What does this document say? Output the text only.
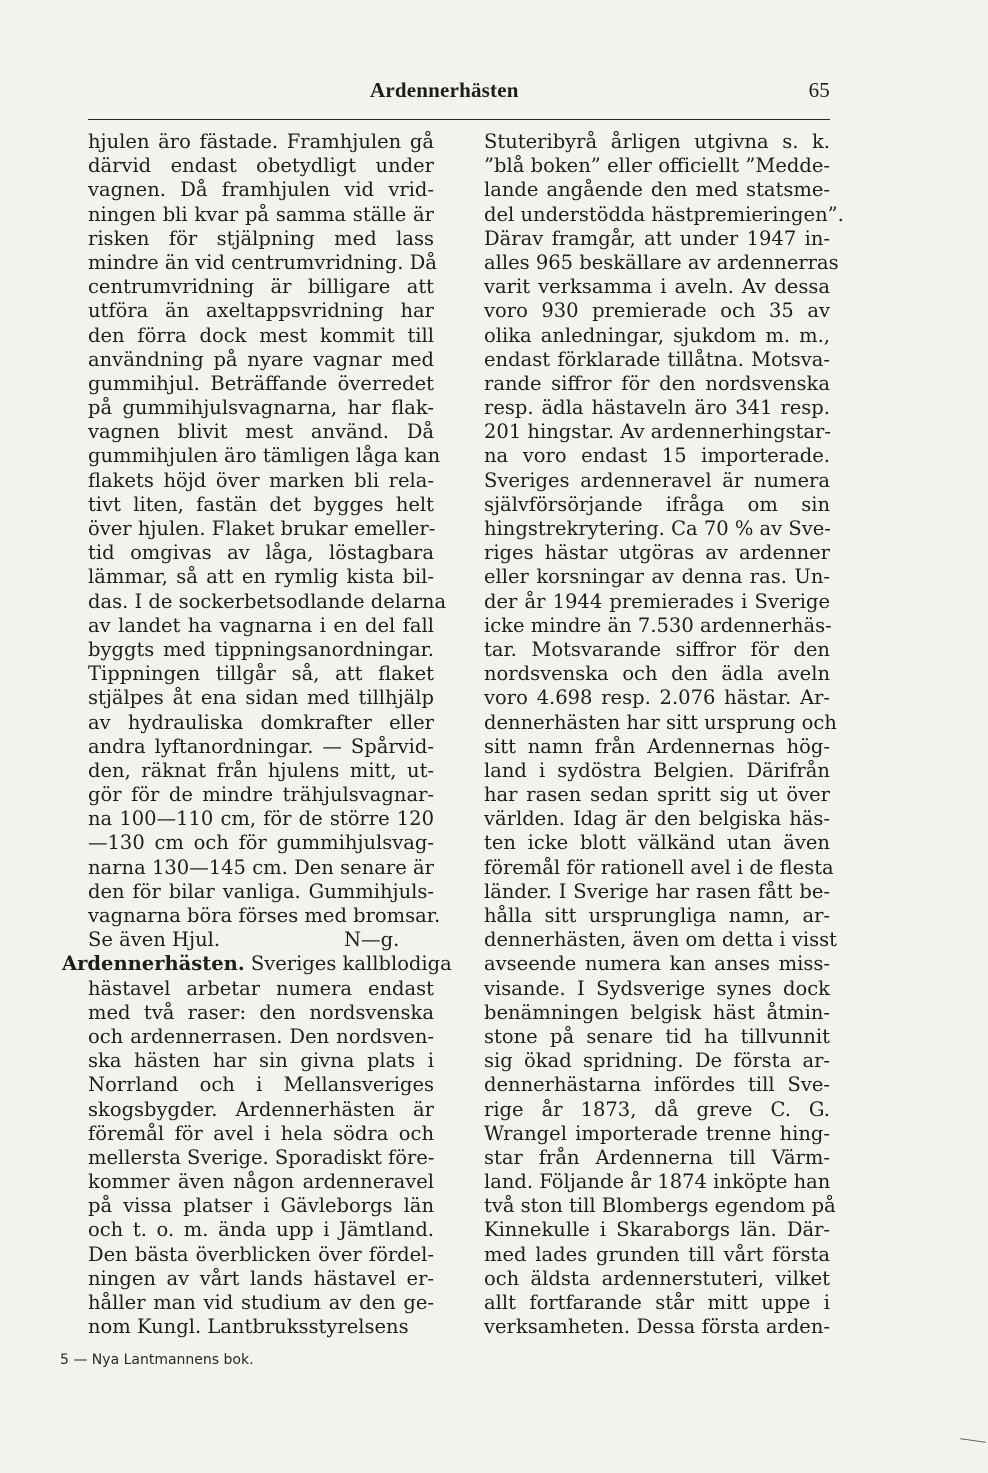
Ardennerhästen	65
hjulen äro fästade. Framhjulen gå
därvid endast obetydligt under
vagnen. Då framhjulen vid vrid-
ningen bli kvar på samma ställe är
risken för stjälpning med lass
mindre än vid centrumvridning. Då
centrumvridning är billigare att
utföra än axeltappsvridning har
den förra dock mest kommit till
användning på nyare vagnar med
gummihjul. Beträffande överredet
på gummihjulsvagnarna, har flak-
vagnen blivit mest använd. Då
gummihjulen äro tämligen låga kan
flakets höjd över marken bli rela-
tivt liten, fastän det bygges helt
över hjulen. Flaket brukar emeller-
tid omgivas av låga, löstagbara
lämmar, så att en rymlig kista bil-
das. I de sockerbetsodlande delarna
av landet ha vagnarna i en del fall
byggts med tippningsanordningar.
Tippningen tillgår så, att flaket
stjälpes åt ena sidan med tillhjälp
av hydrauliska domkrafter eller
andra lyftanordningar. — Spårvid-
den, räknat från hjulens mitt, ut-
gör för de mindre trähjulsvagnar-
na 100—110 cm, för de större 120
—130 cm och för gummihjulsvag-
narna 130—145 cm. Den senare är
den för bilar vanliga. Gummihjuls-
vagnarna böra förses med bromsar.
Se även Hjul.                    N—g.
Ardennerhästen. Sveriges kallblodiga
hästavel arbetar numera endast
med två raser: den nordsvenska
och ardennerrasen. Den nordsven-
ska hästen har sin givna plats i
Norrland och i Mellansveriges
skogsbygder. Ardennerhästen är
föremål för avel i hela södra och
mellersta Sverige. Sporadiskt före-
kommer även någon ardenneravel
på vissa platser i Gävleborgs län
och t. o. m. ända upp i Jämtland.
Den bästa överblicken över fördel-
ningen av vårt lands hästavel er-
håller man vid studium av den ge-
nom Kungl. Lantbruksstyrelsens
Stuteribyrå årligen utgivna s. k.
”blå boken” eller officiellt ”Medde-
lande angående den med statsme-
del understödda hästpremieringen”.
Därav framgår, att under 1947 in-
alles 965 beskällare av ardennerras
varit verksamma i aveln. Av dessa
voro 930 premierade och 35 av
olika anledningar, sjukdom m. m.,
endast förklarade tillåtna. Motsva-
rande siffror för den nordsvenska
resp. ädla hästaveln äro 341 resp.
201 hingstar. Av ardennerhingstar-
na voro endast 15 importerade.
Sveriges ardenneravel är numera
självförsörjande ifråga om sin
hingstrekrytering. Ca 70 % av Sve-
riges hästar utgöras av ardenner
eller korsningar av denna ras. Un-
der år 1944 premierades i Sverige
icke mindre än 7.530 ardennerhäs-
tar. Motsvarande siffror för den
nordsvenska och den ädla aveln
voro 4.698 resp. 2.076 hästar. Ar-
dennerhästen har sitt ursprung och
sitt namn från Ardennernas hög-
land i sydöstra Belgien. Därifrån
har rasen sedan spritt sig ut över
världen. Idag är den belgiska häs-
ten icke blott välkänd utan även
föremål för rationell avel i de flesta
länder. I Sverige har rasen fått be-
hålla sitt ursprungliga namn, ar-
dennerhästen, även om detta i visst
avseende numera kan anses miss-
visande. I Sydsverige synes dock
benämningen belgisk häst åtmin-
stone på senare tid ha tillvunnit
sig ökad spridning. De första ar-
dennerhästarna infördes till Sve-
rige år 1873, då greve C. G.
Wrangel importerade trenne hing-
star från Ardennerna till Värm-
land. Följande år 1874 inköpte han
två ston till Blombergs egendom på
Kinnekulle i Skaraborgs län. Där-
med lades grunden till vårt första
och äldsta ardennerstuteri, vilket
allt fortfarande står mitt uppe i
verksamheten. Dessa första arden-
5 — Nya Lantmannens bok.
